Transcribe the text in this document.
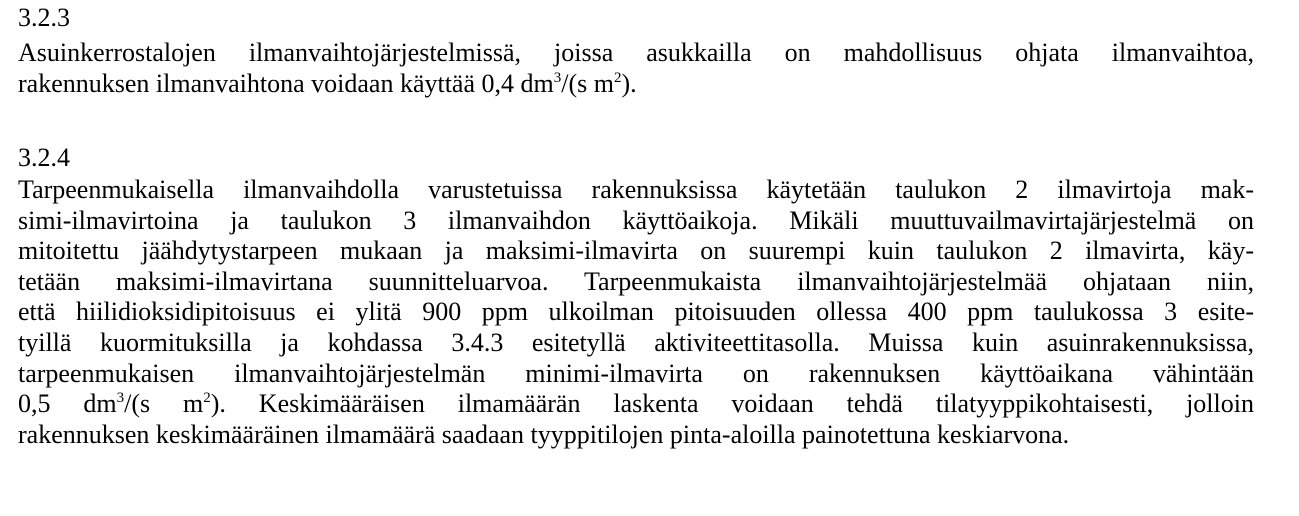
3.2.3
Asuinkerrostalojen ilmanvaihtojärjestelmissä, joissa asukkailla on mahdollisuus ohjata ilmanvaihtoa,
rakennuksen ilmanvaihtona voidaan käyttää 0,4 $dm^3/(s$ $m^2$).
3.2.4
Tarpeenmukaisella ilmanvaihdolla varustetuissa rakennuksissa käytetään taulukon 2 ilmavirtoja mak-
simi-ilmavirtoina ja taulukon 3 ilmanvaihdon käyttöaikoja. Mikäli muuttuvailmavirtajärjestelmä on
mitoitettu jäähdytystarpeen mukaan ja maksimi-ilmavirta on suurempi kuin taulukon 2 ilmavirta, käy-
tetään maksimi-ilmavirtana suunnitteluarvoa. Tarpeenmukaista ilmanvaihtojärjestelmää ohjataan niin,
että hiilidioksidipitoisuus ei ylitä 900 ppm ulkoilman pitoisuuden ollessa 400 ppm taulukossa 3 esite-
tyillä kuormituksilla ja kohdassa 3.4.3 esitetyllä aktiviteettitasolla. Muissa kuin asuinrakennuksissa,
tarpeenmukaisen ilmanvaihtojärjestelmän minimi-ilmavirta on rakennuksen käyttöaikana vähintään
0,5 $dm^3/(s$ $m^2$). Keskimääräisen ilmamäärän laskenta voidaan tehdä tilatyyppikohtaisesti, jolloin
rakennuksen keskimääräinen ilmamäärä saadaan tyyppitilojen pinta-aloilla painotettuna keskiarvona.
